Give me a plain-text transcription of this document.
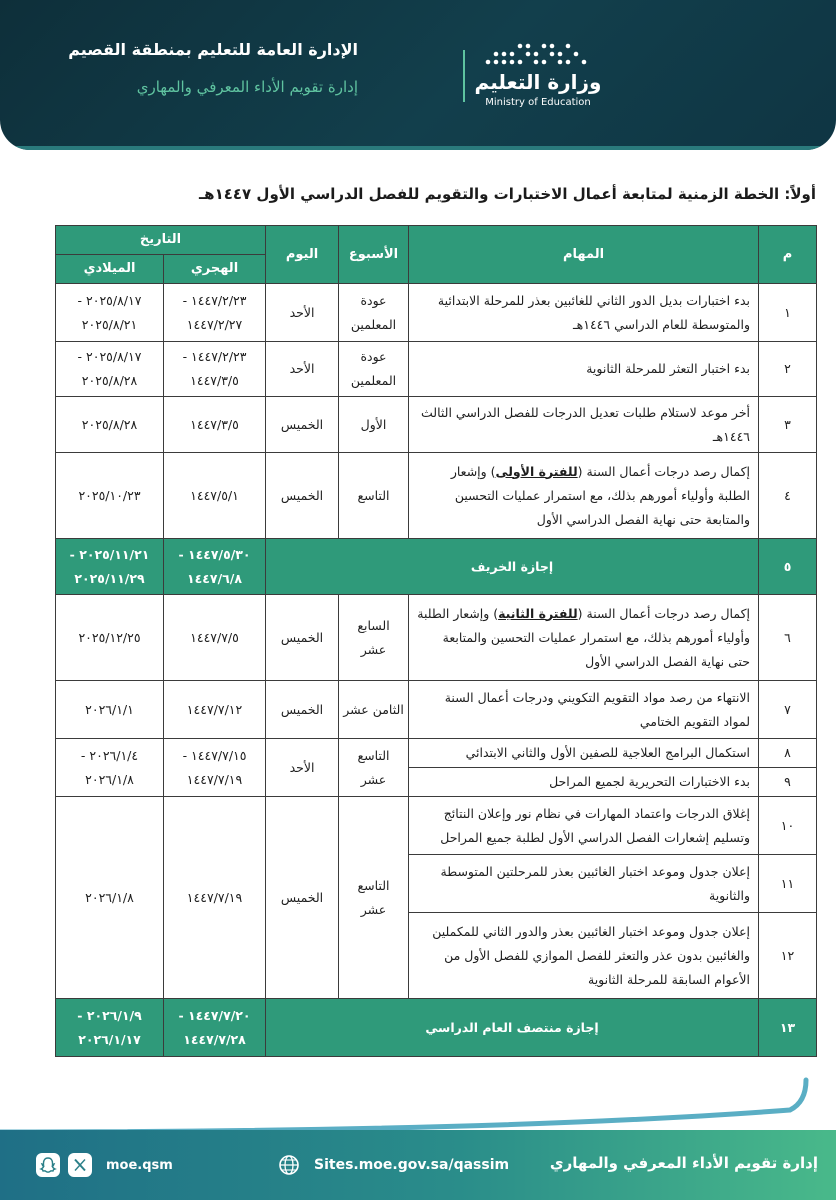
الإدارة العامة للتعليم بمنطقة القصيم
إدارة تقويم الأداء المعرفي والمهاري	وزارة التعليم
Ministry of Education
أولاً: الخطة الزمنية لمتابعة أعمال الاختبارات والتقويم للفصل الدراسي الأول ١٤٤٧هـ
م	المهام	الأسبوع	اليوم	التاريخ	
				الهجري	الميلادي
١	بدء اختبارات بديل الدور الثاني للغائبين بعذر للمرحلة الابتدائية والمتوسطة للعام الدراسي ١٤٤٦هـ	عودة المعلمين	الأحد	١٤٤٧/٢/٢٣ - ١٤٤٧/٢/٢٧	٢٠٢٥/٨/١٧ - ٢٠٢٥/٨/٢١
٢	بدء اختبار التعثر للمرحلة الثانوية	عودة المعلمين	الأحد	١٤٤٧/٢/٢٣ - ١٤٤٧/٣/٥	٢٠٢٥/٨/١٧ - ٢٠٢٥/٨/٢٨
٣	أخر موعد لاستلام طلبات تعديل الدرجات للفصل الدراسي الثالث ١٤٤٦هـ	الأول	الخميس	١٤٤٧/٣/٥	٢٠٢٥/٨/٢٨
٤	إكمال رصد درجات أعمال السنة (للفترة الأولى) وإشعار الطلبة وأولياء أمورهم بذلك، مع استمرار عمليات التحسين والمتابعة حتى نهاية الفصل الدراسي الأول	التاسع	الخميس	١٤٤٧/٥/١	٢٠٢٥/١٠/٢٣
٥	إجازة الخريف			١٤٤٧/٥/٣٠ - ١٤٤٧/٦/٨	٢٠٢٥/١١/٢١ - ٢٠٢٥/١١/٢٩
٦	إكمال رصد درجات أعمال السنة (للفترة الثانية) وإشعار الطلبة وأولياء أمورهم بذلك، مع استمرار عمليات التحسين والمتابعة حتى نهاية الفصل الدراسي الأول	السابع عشر	الخميس	١٤٤٧/٧/٥	٢٠٢٥/١٢/٢٥
٧	الانتهاء من رصد مواد التقويم التكويني ودرجات أعمال السنة لمواد التقويم الختامي	الثامن عشر	الخميس	١٤٤٧/٧/١٢	٢٠٢٦/١/١
٨	استكمال البرامج العلاجية للصفين الأول والثاني الابتدائي	التاسع عشر	الأحد	١٤٤٧/٧/١٥ - ١٤٤٧/٧/١٩	٢٠٢٦/١/٤ - ٢٠٢٦/١/٨
٩	بدء الاختبارات التحريرية لجميع المراحل				
١٠	إغلاق الدرجات واعتماد المهارات في نظام نور وإعلان النتائج وتسليم إشعارات الفصل الدراسي الأول لطلبة جميع المراحل	التاسع عشر	الخميس	١٤٤٧/٧/١٩	٢٠٢٦/١/٨
١١	إعلان جدول وموعد اختبار الغائبين بعذر للمرحلتين المتوسطة والثانوية				
١٢	إعلان جدول وموعد اختبار الغائبين بعذر والدور الثاني للمكملين والغائبين بدون عذر والتعثر للفصل الموازي للفصل الأول من الأعوام السابقة للمرحلة الثانوية				
١٣	إجازة منتصف العام الدراسي			١٤٤٧/٧/٢٠ - ١٤٤٧/٧/٢٨	٢٠٢٦/١/٩ - ٢٠٢٦/١/١٧
إدارة تقويم الأداء المعرفي والمهاري
Sites.moe.gov.sa/qassim
moe.qsm
